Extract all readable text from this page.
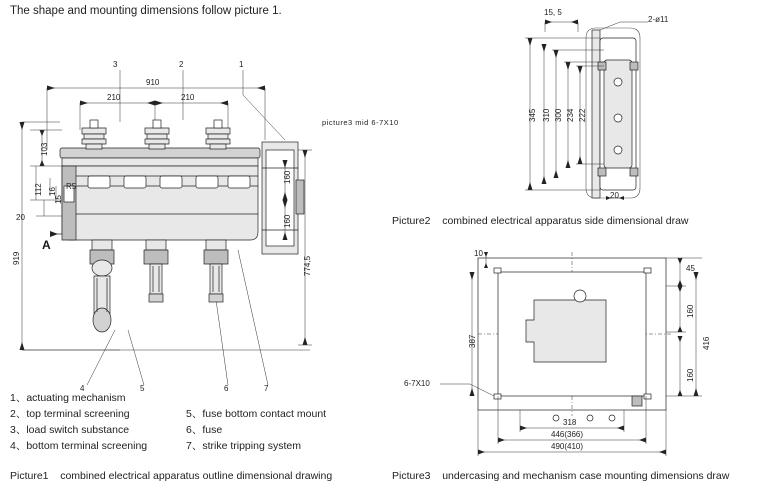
The shape and mounting dimensions follow picture 1.
3	2	1
4	5	6	7
910
210	210
picture3 mid 6-7X10
103
112 16
15
20
919
R5
160
160
774,5
A
15, 5
2-ø11
345 310 300 234 222
20
Picture2    combined electrical apparatus side dimensional draw
10
45
160
416
160
387
6-7X10
318
446(366)
490(410)
Picture3    undercasing and mechanism case mounting dimensions draw
1、actuating mechanism
2、top terminal screening
3、load switch substance
4、bottom terminal screening
5、fuse bottom contact mount
6、fuse
7、strike tripping system
Picture1    combined electrical apparatus outline dimensional drawing
